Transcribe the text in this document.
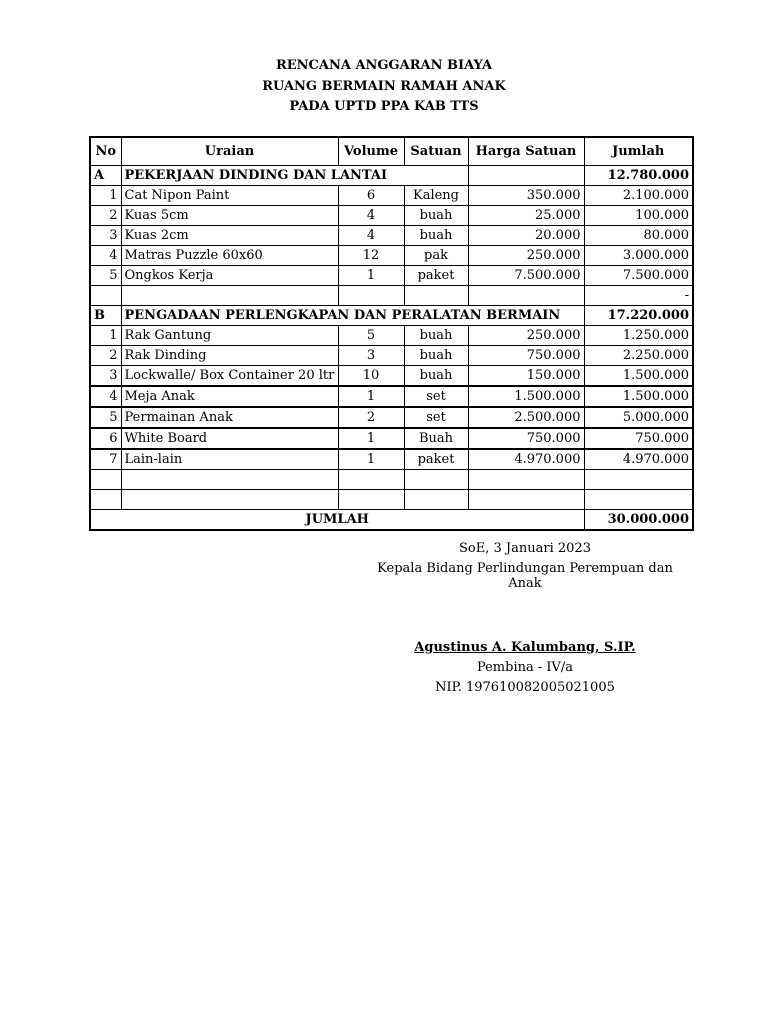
RENCANA ANGGARAN BIAYA
RUANG BERMAIN RAMAH ANAK
PADA UPTD PPA KAB TTS
No	Uraian	Volume	Satuan	Harga Satuan	Jumlah
A	PEKERJAAN DINDING DAN LANTAI				12.780.000
1	Cat Nipon Paint	6	Kaleng	350.000	2.100.000
2	Kuas 5cm	4	buah	25.000	100.000
3	Kuas 2cm	4	buah	20.000	80.000
4	Matras Puzzle 60x60	12	pak	250.000	3.000.000
5	Ongkos Kerja	1	paket	7.500.000	7.500.000
					-
B	PENGADAAN PERLENGKAPAN DAN PERALATAN BERMAIN				17.220.000
1	Rak Gantung	5	buah	250.000	1.250.000
2	Rak Dinding	3	buah	750.000	2.250.000
3	Lockwalle/ Box Container 20 ltr	10	buah	150.000	1.500.000
4	Meja Anak	1	set	1.500.000	1.500.000
5	Permainan Anak	2	set	2.500.000	5.000.000
6	White Board	1	Buah	750.000	750.000
7	Lain-lain	1	paket	4.970.000	4.970.000

JUMLAH					30.000.000
SoE, 3 Januari 2023
Kepala Bidang Perlindungan Perempuan dan Anak
Agustinus A. Kalumbang, S.IP.
Pembina - IV/a
NIP. 197610082005021005
